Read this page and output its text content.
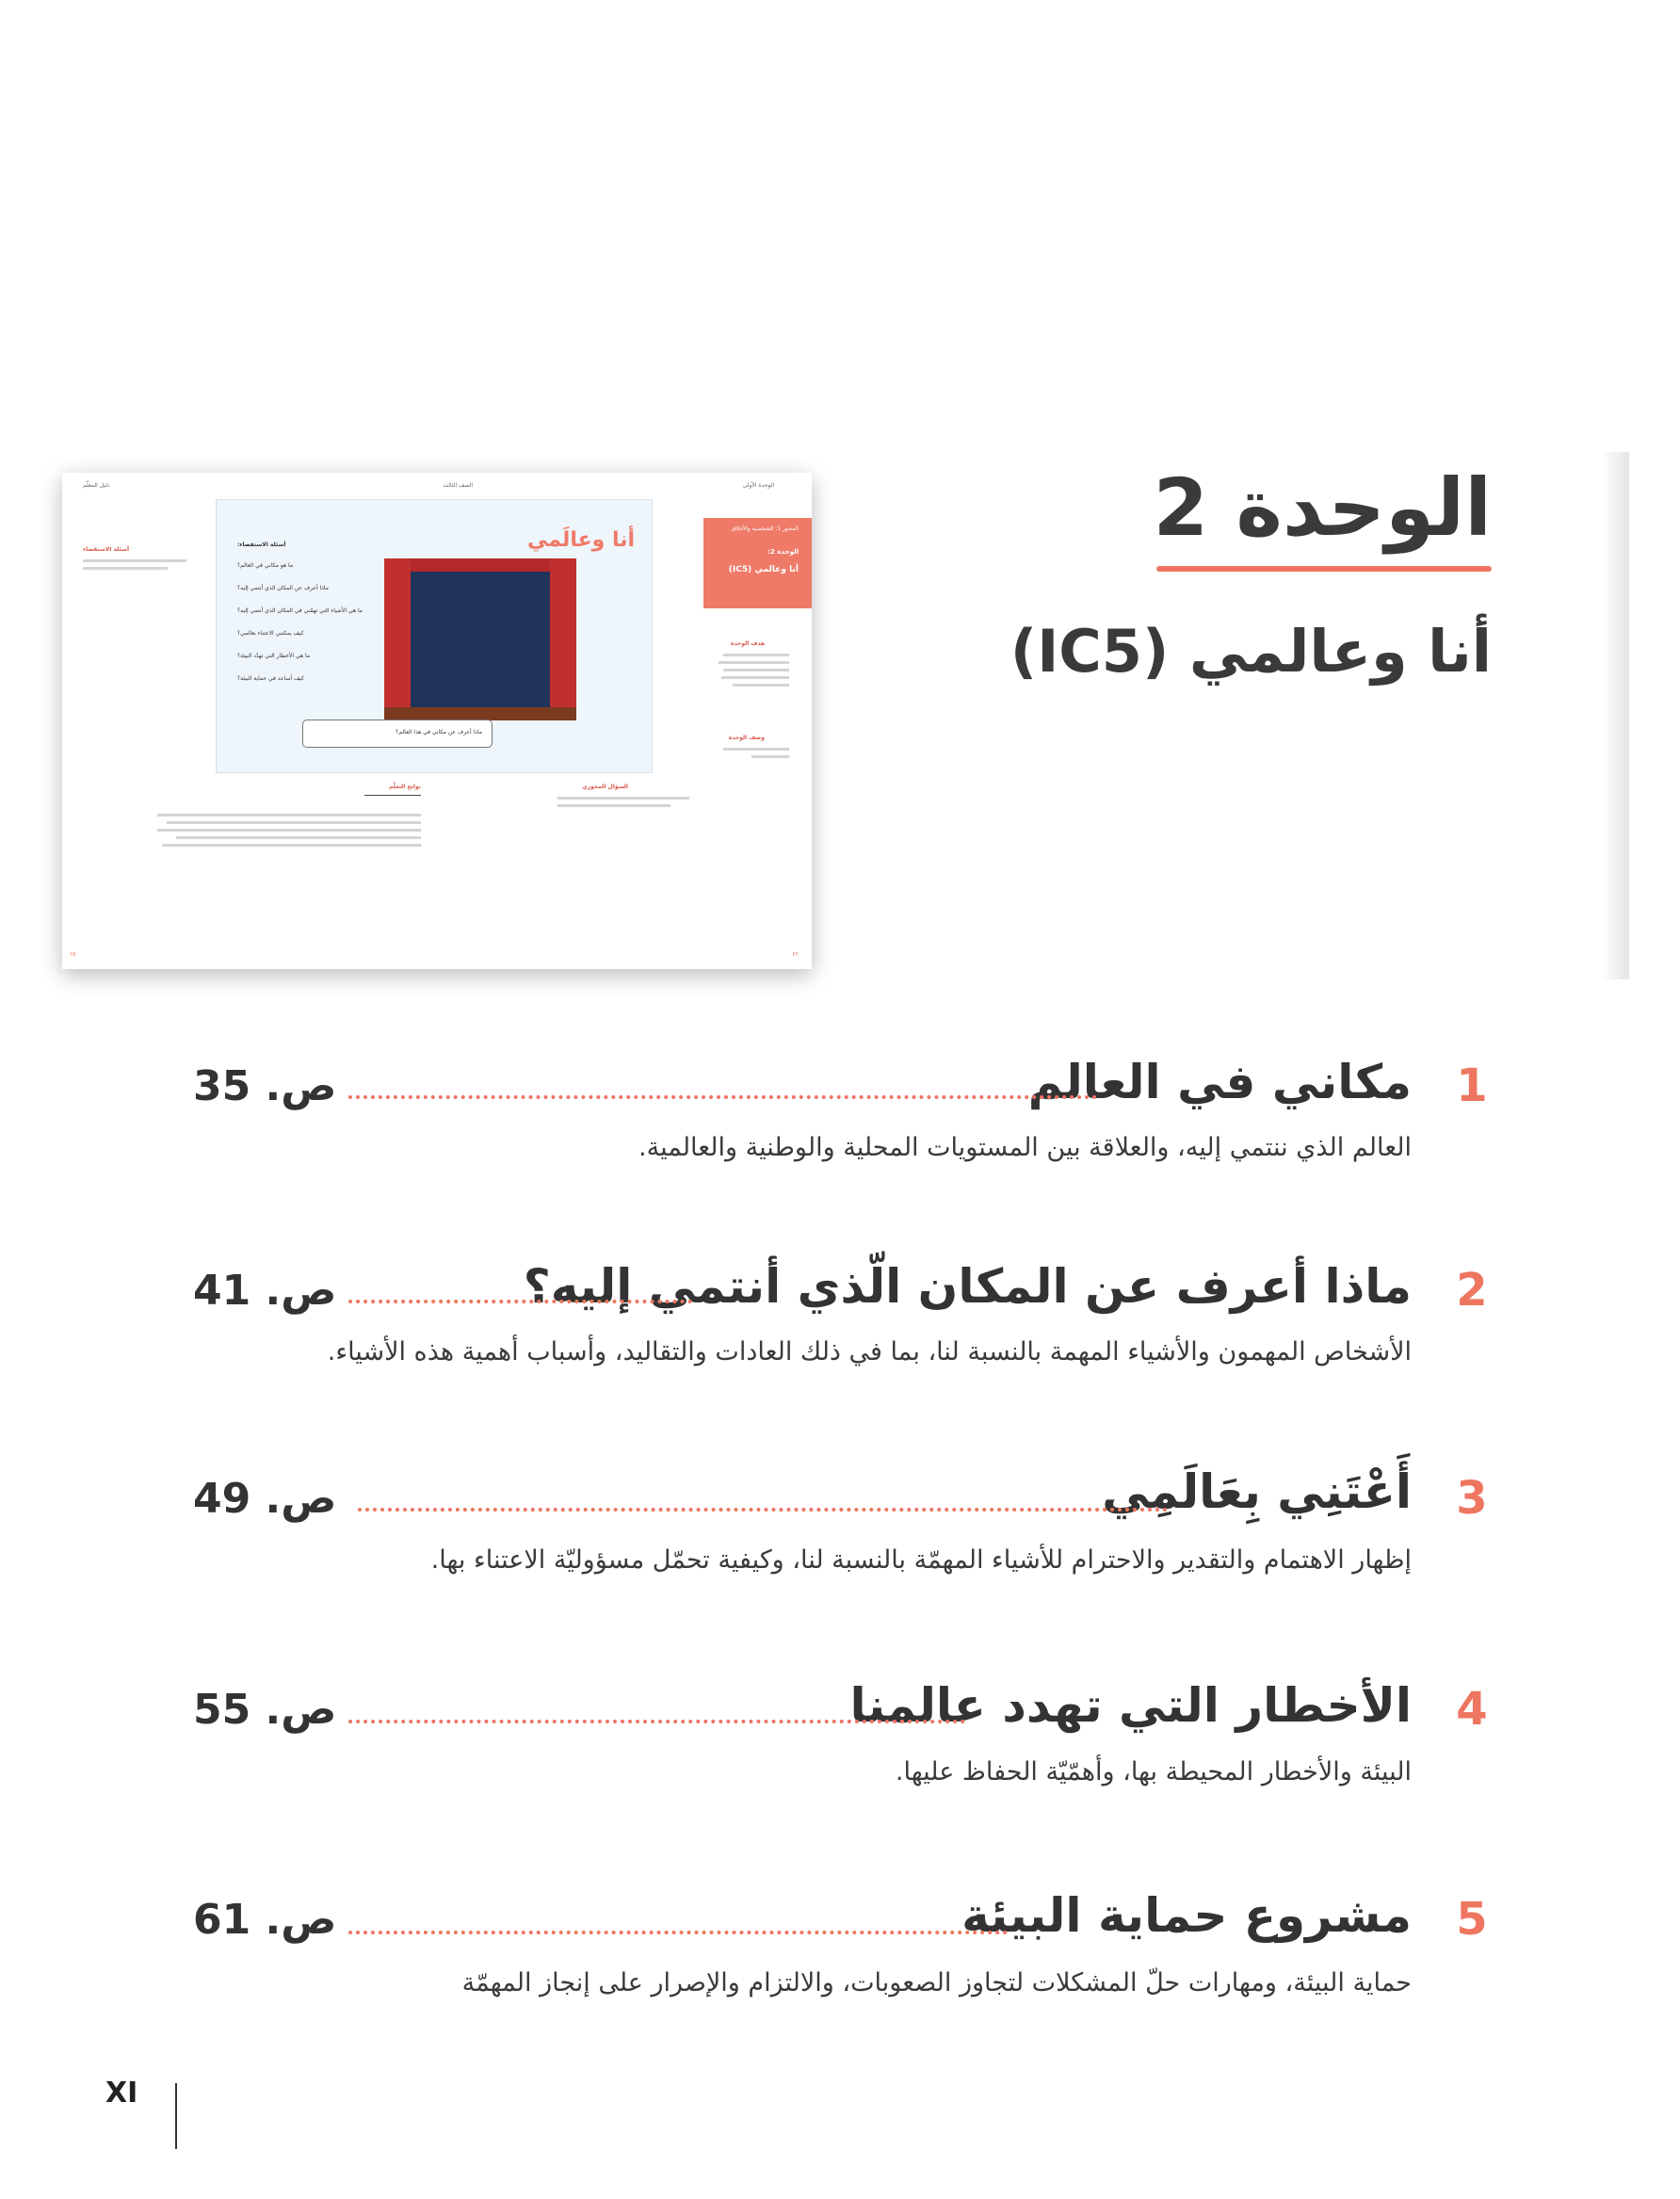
الوحدة 2
أنا وعالمي (IC5)
الوحدة الأولى
الصف الثالث
دليل المعلّم
المحور 1: الشخصية والأخلاق
الوحدة 2:
أنا وعالمي (IC5)
هدف الوحدة
وصف الوحدة
أنا وعالَمي
أسئلة الاستقصاء:
ما هو مكاني في العالم؟
ماذا أعرف عن المكان الذي أنتمي إليه؟
ما هي الأشياء التي تهمّني في المكان الذي أنتمي إليه؟
كيف يمكنني الاعتناء بعالمي؟
ما هي الأخطار التي تهدّد البيئة؟
كيف أساعد في حماية البيئة؟
ماذا أعرف عن مكاني في هذا العالم؟
أسئلة الاستقصاء
السؤال المحوري
نواتج التعلّم
٢٢
٢٥
1
مكاني في العالم
ص. 35
العالم الذي ننتمي إليه، والعلاقة بين المستويات المحلية والوطنية والعالمية.
2
ماذا أعرف عن المكان الّذي أنتمي إليه؟
ص. 41
الأشخاص المهمون والأشياء المهمة بالنسبة لنا، بما في ذلك العادات والتقاليد، وأسباب أهمية هذه الأشياء.
3
أَعْتَنِي بِعَالَمِي
ص. 49
إظهار الاهتمام والتقدير والاحترام للأشياء المهمّة بالنسبة لنا، وكيفية تحمّل مسؤوليّة الاعتناء بها.
4
الأخطار التي تهدد عالمنا
ص. 55
البيئة والأخطار المحيطة بها، وأهمّيّة الحفاظ عليها.
5
مشروع حماية البيئة
ص. 61
حماية البيئة، ومهارات حلّ المشكلات لتجاوز الصعوبات، والالتزام والإصرار على إنجاز المهمّة
XI
